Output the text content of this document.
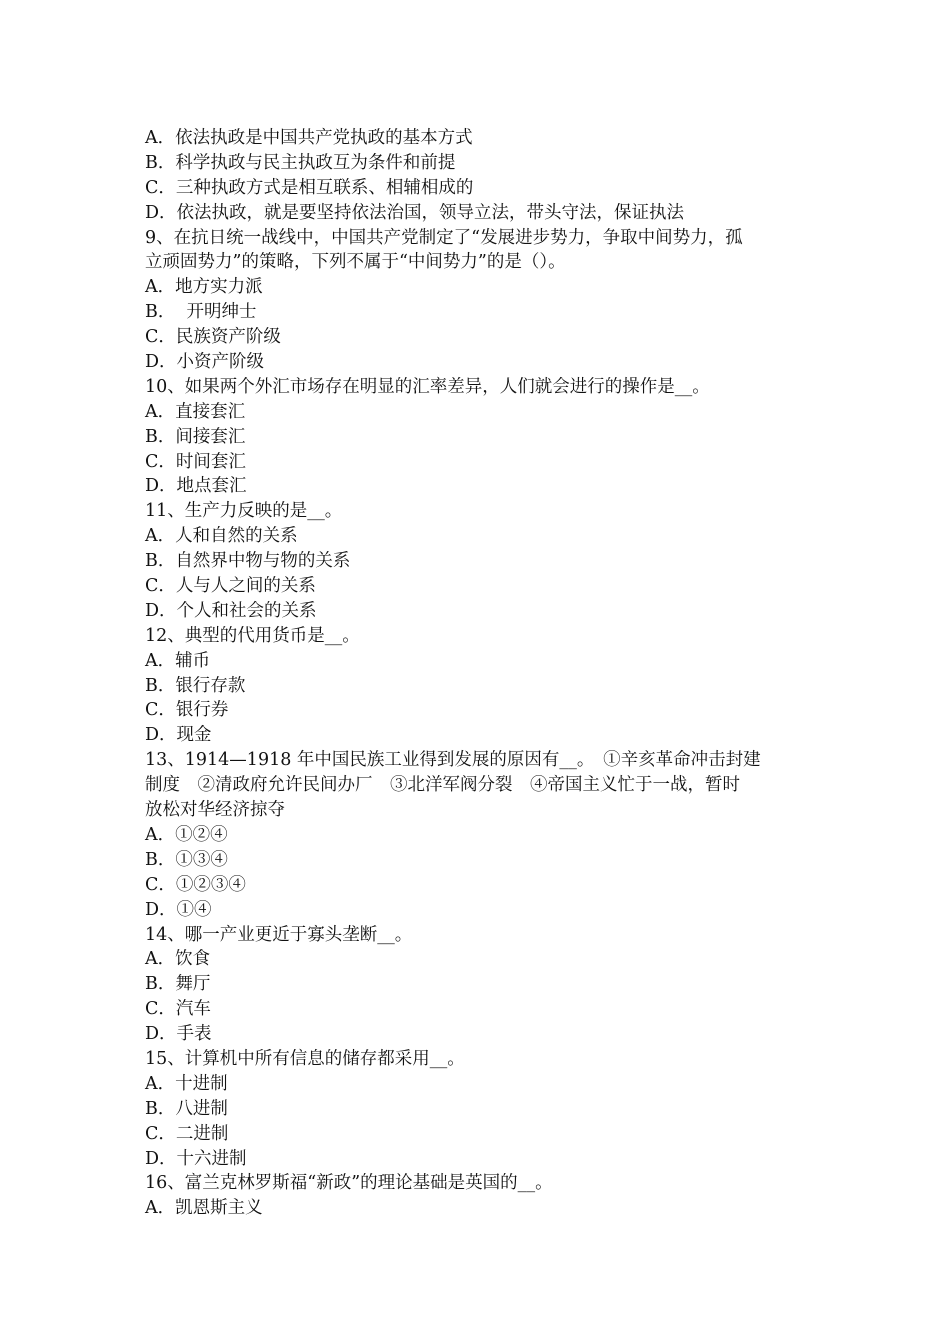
A．依法执政是中国共产党执政的基本方式
B．科学执政与民主执政互为条件和前提
C．三种执政方式是相互联系、相辅相成的
D．依法执政，就是要坚持依法治国，领导立法，带头守法，保证执法
9、在抗日统一战线中，中国共产党制定了“发展进步势力，争取中间势力，孤
立顽固势力”的策略，下列不属于“中间势力”的是（）。
A．地方实力派
B．  开明绅士
C．民族资产阶级
D．小资产阶级
10、如果两个外汇市场存在明显的汇率差异，人们就会进行的操作是__。
A．直接套汇
B．间接套汇
C．时间套汇
D．地点套汇
11、生产力反映的是__。
A．人和自然的关系
B．自然界中物与物的关系
C．人与人之间的关系
D．个人和社会的关系
12、典型的代用货币是__。
A．辅币
B．银行存款
C．银行券
D．现金
13、1914—1918 年中国民族工业得到发展的原因有__。　①辛亥革命冲击封建
制度　②清政府允许民间办厂　③北洋军阀分裂　④帝国主义忙于一战，暂时
放松对华经济掠夺
A．①②④
B．①③④
C．①②③④
D．①④
14、哪一产业更近于寡头垄断__。
A．饮食
B．舞厅
C．汽车
D．手表
15、计算机中所有信息的储存都采用__。
A．十进制
B．八进制
C．二进制
D．十六进制
16、富兰克林罗斯福“新政”的理论基础是英国的__。
A．凯恩斯主义
